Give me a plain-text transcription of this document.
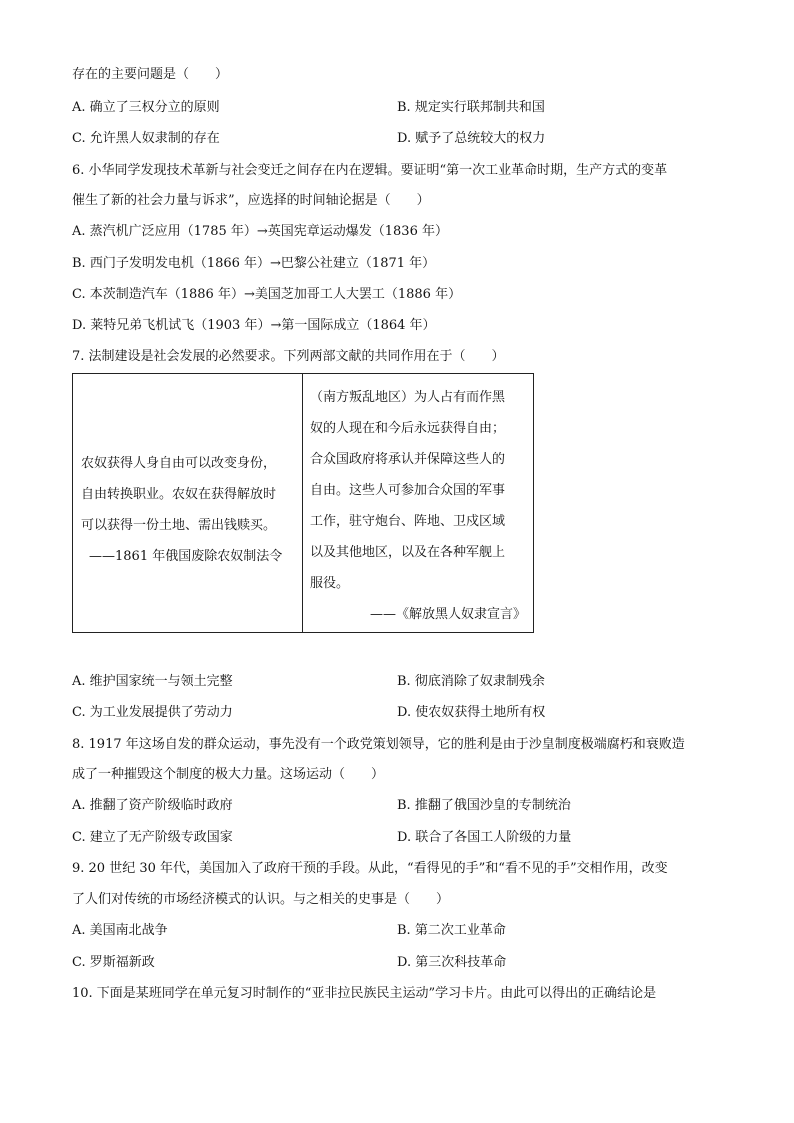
存在的主要问题是（　　）
A. 确立了三权分立的原则	B. 规定实行联邦制共和国
C. 允许黑人奴隶制的存在	D. 赋予了总统较大的权力
6. 小华同学发现技术革新与社会变迁之间存在内在逻辑。要证明“第一次工业革命时期，生产方式的变革
催生了新的社会力量与诉求”，应选择的时间轴论据是（　　）
A. 蒸汽机广泛应用（1785 年）→英国宪章运动爆发（1836 年）
B. 西门子发明发电机（1866 年）→巴黎公社建立（1871 年）
C. 本茨制造汽车（1886 年）→美国芝加哥工人大罢工（1886 年）
D. 莱特兄弟飞机试飞（1903 年）→第一国际成立（1864 年）
7. 法制建设是社会发展的必然要求。下列两部文献的共同作用在于（　　）
农奴获得人身自由可以改变身份，
自由转换职业。农奴在获得解放时
可以获得一份土地、需出钱赎买。
——1861 年俄国废除农奴制法令
（南方叛乱地区）为人占有而作黑
奴的人现在和今后永远获得自由；
合众国政府将承认并保障这些人的
自由。这些人可参加合众国的军事
工作，驻守炮台、阵地、卫戍区域
以及其他地区，以及在各种军舰上
服役。
——《解放黑人奴隶宣言》
A. 维护国家统一与领土完整	B. 彻底消除了奴隶制残余
C. 为工业发展提供了劳动力	D. 使农奴获得土地所有权
8. 1917 年这场自发的群众运动，事先没有一个政党策划领导，它的胜利是由于沙皇制度极端腐朽和衰败造
成了一种摧毁这个制度的极大力量。这场运动（　　）
A. 推翻了资产阶级临时政府	B. 推翻了俄国沙皇的专制统治
C. 建立了无产阶级专政国家	D. 联合了各国工人阶级的力量
9. 20 世纪 30 年代，美国加入了政府干预的手段。从此，“看得见的手”和“看不见的手”交相作用，改变
了人们对传统的市场经济模式的认识。与之相关的史事是（　　）
A. 美国南北战争	B. 第二次工业革命
C. 罗斯福新政	D. 第三次科技革命
10. 下面是某班同学在单元复习时制作的“亚非拉民族民主运动”学习卡片。由此可以得出的正确结论是
